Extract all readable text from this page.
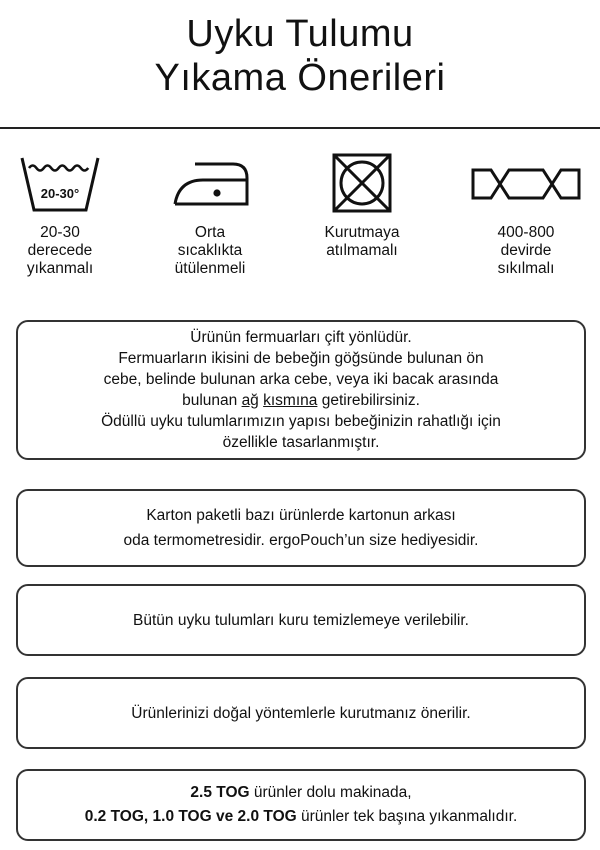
Uyku Tulumu
Yıkama Önerileri
20-30°
20-30
derecede
yıkanmalı
Orta
sıcaklıkta
ütülenmeli
Kurutmaya
atılmamalı
400-800
devirde
sıkılmalı
Ürünün fermuarları çift yönlüdür.
Fermuarların ikisini de bebeğin göğsünde bulunan ön
cebe, belinde bulunan arka cebe, veya iki bacak arasında
bulunan ağ kısmına getirebilirsiniz.
Ödüllü uyku tulumlarımızın yapısı bebeğinizin rahatlığı için
özellikle tasarlanmıştır.
Karton paketli bazı ürünlerde kartonun arkası
oda termometresidir. ergoPouch’un size hediyesidir.
Bütün uyku tulumları kuru temizlemeye verilebilir.
Ürünlerinizi doğal yöntemlerle kurutmanız önerilir.
2.5 TOG ürünler dolu makinada,
0.2 TOG, 1.0 TOG ve 2.0 TOG ürünler tek başına yıkanmalıdır.
